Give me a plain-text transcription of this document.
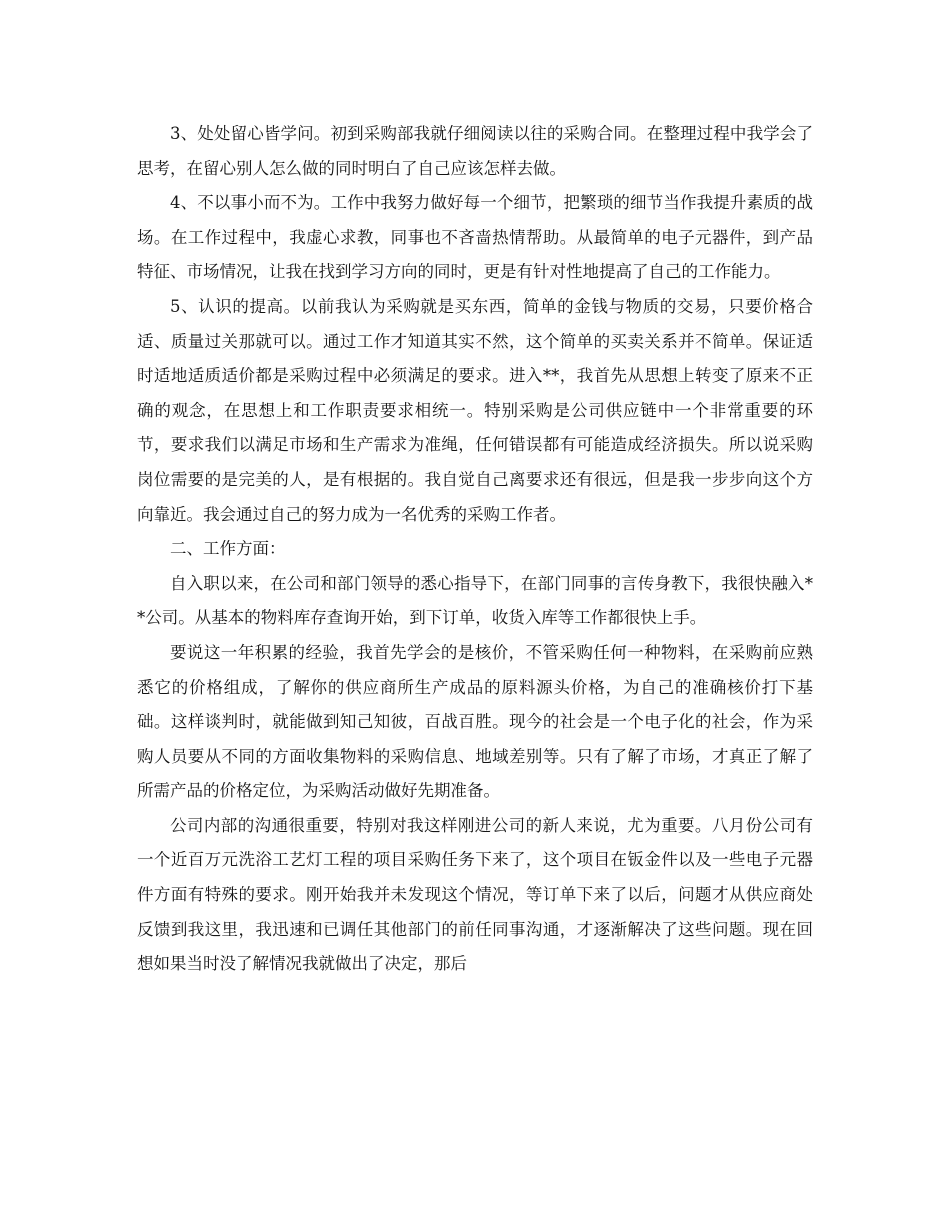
3、处处留心皆学问。初到采购部我就仔细阅读以往的采购合同。在整理过程中我学会了思考，在留心别人怎么做的同时明白了自己应该怎样去做。

4、不以事小而不为。工作中我努力做好每一个细节，把繁琐的细节当作我提升素质的战场。在工作过程中，我虚心求教，同事也不吝啬热情帮助。从最简单的电子元器件，到产品特征、市场情况，让我在找到学习方向的同时，更是有针对性地提高了自己的工作能力。

5、认识的提高。以前我认为采购就是买东西，简单的金钱与物质的交易，只要价格合适、质量过关那就可以。通过工作才知道其实不然，这个简单的买卖关系并不简单。保证适时适地适质适价都是采购过程中必须满足的要求。进入**，我首先从思想上转变了原来不正确的观念，在思想上和工作职责要求相统一。特别采购是公司供应链中一个非常重要的环节，要求我们以满足市场和生产需求为准绳，任何错误都有可能造成经济损失。所以说采购岗位需要的是完美的人，是有根据的。我自觉自己离要求还有很远，但是我一步步向这个方向靠近。我会通过自己的努力成为一名优秀的采购工作者。

二、工作方面：

自入职以来，在公司和部门领导的悉心指导下，在部门同事的言传身教下，我很快融入**公司。从基本的物料库存查询开始，到下订单，收货入库等工作都很快上手。

要说这一年积累的经验，我首先学会的是核价，不管采购任何一种物料，在采购前应熟悉它的价格组成，了解你的供应商所生产成品的原料源头价格，为自己的准确核价打下基础。这样谈判时，就能做到知己知彼，百战百胜。现今的社会是一个电子化的社会，作为采购人员要从不同的方面收集物料的采购信息、地域差别等。只有了解了市场，才真正了解了所需产品的价格定位，为采购活动做好先期准备。

公司内部的沟通很重要，特别对我这样刚进公司的新人来说，尤为重要。八月份公司有一个近百万元洗浴工艺灯工程的项目采购任务下来了，这个项目在钣金件以及一些电子元器件方面有特殊的要求。刚开始我并未发现这个情况，等订单下来了以后，问题才从供应商处反馈到我这里，我迅速和已调任其他部门的前任同事沟通，才逐渐解决了这些问题。现在回想如果当时没了解情况我就做出了决定，那后
